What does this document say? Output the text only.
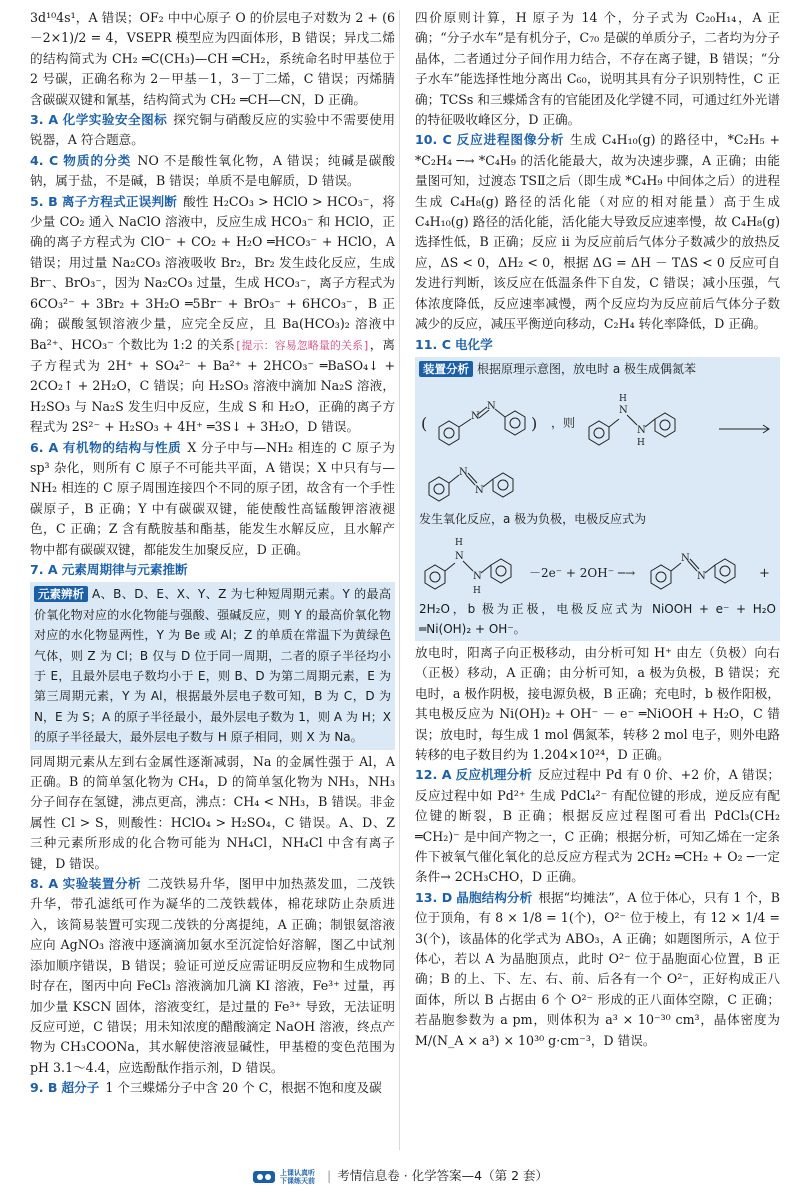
3d¹⁰4s¹，A 错误；OF₂ 中中心原子 O 的价层电子对数为 2 + (6－2×1)/2 = 4，VSEPR 模型应为四面体形，B 错误；异戊二烯的结构简式为 CH₂ ═C(CH₃)—CH ═CH₂，系统命名时甲基位于 2 号碳，正确名称为 2－甲基－1，3－丁二烯，C 错误；丙烯腈含碳碳双键和氰基，结构简式为 CH₂ ═CH—CN，D 正确。

3. A 化学实验安全图标 探究铜与硝酸反应的实验中不需要使用锐器，A 符合题意。

4. C 物质的分类 NO 不是酸性氧化物，A 错误；纯碱是碳酸钠，属于盐，不是碱，B 错误；单质不是电解质，D 错误。

5. B 离子方程式正误判断 酸性 H₂CO₃ > HClO > HCO₃⁻，将少量 CO₂ 通入 NaClO 溶液中，反应生成 HCO₃⁻ 和 HClO，正确的离子方程式为 ClO⁻ + CO₂ + H₂O ═HCO₃⁻ + HClO，A 错误；用过量 Na₂CO₃ 溶液吸收 Br₂，Br₂ 发生歧化反应，生成 Br⁻、BrO₃⁻，因为 Na₂CO₃ 过量，生成 HCO₃⁻，离子方程式为 6CO₃²⁻ + 3Br₂ + 3H₂O ═5Br⁻ + BrO₃⁻ + 6HCO₃⁻，B 正确；碳酸氢钡溶液少量，应完全反应，且 Ba(HCO₃)₂ 溶液中 Ba²⁺、HCO₃⁻ 个数比为 1:2 的关系[提示：容易忽略量的关系]，离子方程式为 2H⁺ + SO₄²⁻ + Ba²⁺ + 2HCO₃⁻ ═BaSO₄↓ + 2CO₂↑ + 2H₂O，C 错误；向 H₂SO₃ 溶液中滴加 Na₂S 溶液，H₂SO₃ 与 Na₂S 发生归中反应，生成 S 和 H₂O，正确的离子方程式为 2S²⁻ + H₂SO₃ + 4H⁺ ═3S↓ + 3H₂O，D 错误。

6. A 有机物的结构与性质 X 分子中与—NH₂ 相连的 C 原子为 sp³ 杂化，则所有 C 原子不可能共平面，A 错误；X 中只有与—NH₂ 相连的 C 原子周围连接四个不同的原子团，故含有一个手性碳原子，B 正确；Y 中有碳碳双键，能使酸性高锰酸钾溶液褪色，C 正确；Z 含有酰胺基和酯基，能发生水解反应，且水解产物中都有碳碳双键，都能发生加聚反应，D 正确。

7. A 元素周期律与元素推断

元素辨析 A、B、D、E、X、Y、Z 为七种短周期元素。Y 的最高价氧化物对应的水化物能与强酸、强碱反应，则 Y 的最高价氧化物对应的水化物显两性，Y 为 Be 或 Al；Z 的单质在常温下为黄绿色气体，则 Z 为 Cl；B 仅与 D 位于同一周期，二者的原子半径均小于 E，且最外层电子数均小于 E，则 B、D 为第二周期元素，E 为第三周期元素，Y 为 Al，根据最外层电子数可知，B 为 C，D 为 N，E 为 S；A 的原子半径最小，最外层电子数为 1，则 A 为 H；X 的原子半径最大，最外层电子数与 H 原子相同，则 X 为 Na。

同周期元素从左到右金属性逐渐减弱，Na 的金属性强于 Al，A 正确。B 的简单氢化物为 CH₄，D 的简单氢化物为 NH₃，NH₃ 分子间存在氢键，沸点更高，沸点：CH₄ < NH₃，B 错误。非金属性 Cl > S，则酸性：HClO₄ > H₂SO₄，C 错误。A、D、Z 三种元素所形成的化合物可能为 NH₄Cl，NH₄Cl 中含有离子键，D 错误。

8. A 实验装置分析 二茂铁易升华，图甲中加热蒸发皿，二茂铁升华，带孔滤纸可作为凝华的二茂铁载体，棉花球防止杂质进入，该简易装置可实现二茂铁的分离提纯，A 正确；制银氨溶液应向 AgNO₃ 溶液中逐滴滴加氨水至沉淀恰好溶解，图乙中试剂添加顺序错误，B 错误；验证可逆反应需证明反应物和生成物同时存在，图丙中向 FeCl₃ 溶液滴加几滴 KI 溶液，Fe³⁺ 过量，再加少量 KSCN 固体，溶液变红，是过量的 Fe³⁺ 导致，无法证明反应可逆，C 错误；用未知浓度的醋酸滴定 NaOH 溶液，终点产物为 CH₃COONa，其水解使溶液显碱性，甲基橙的变色范围为 pH 3.1～4.4，应选酚酞作指示剂，D 错误。

9. B 超分子 1 个三蝶烯分子中含 20 个 C，根据不饱和度及碳

四价原则计算，H 原子为 14 个，分子式为 C₂₀H₁₄，A 正确；“分子水车”是有机分子，C₇₀ 是碳的单质分子，二者均为分子晶体，二者通过分子间作用力结合，不存在离子键，B 错误；“分子水车”能选择性地分离出 C₆₀，说明其具有分子识别特性，C 正确；TCSs 和三蝶烯含有的官能团及化学键不同，可通过红外光谱的特征吸收峰区分，D 正确。

10. C 反应进程图像分析 生成 C₄H₁₀(g) 的路径中，*C₂H₅ + *C₂H₄ ─→ *C₄H₉ 的活化能最大，故为决速步骤，A 正确；由能量图可知，过渡态 TSⅡ之后（即生成 *C₄H₉ 中间体之后）的进程生成 C₄H₈(g) 路径的活化能（对应的相对能量）高于生成 C₄H₁₀(g) 路径的活化能，活化能大导致反应速率慢，故 C₄H₈(g) 选择性低，B 正确；反应 ii 为反应前后气体分子数减少的放热反应，ΔS < 0，ΔH₂ < 0，根据 ΔG = ΔH － TΔS < 0 反应可自发进行判断，该反应在低温条件下自发，C 错误；减小压强，气体浓度降低，反应速率减慢，两个反应均为反应前后气体分子数减少的反应，减压平衡逆向移动，C₂H₄ 转化率降低，D 正确。

11. C 电化学

装置分析 根据原理示意图，放电时 a 极生成偶氮苯
(	N
N
) ，则
N
H
N
H
N
N
发生氧化反应，a 极为负极，电极反应式为
N
H
N
H
－2e⁻ + 2OH⁻ ─→
N
N	+
2H₂O，b 极为正极，电极反应式为 NiOOH + e⁻ + H₂O ═Ni(OH)₂ + OH⁻。

放电时，阳离子向正极移动，由分析可知 H⁺ 由左（负极）向右（正极）移动，A 正确；由分析可知，a 极为负极，B 错误；充电时，a 极作阴极，接电源负极，B 正确；充电时，b 极作阳极，其电极反应为 Ni(OH)₂ + OH⁻ － e⁻ ═NiOOH + H₂O，C 错误；放电时，每生成 1 mol 偶氮苯，转移 2 mol 电子，则外电路转移的电子数目约为 1.204×10²⁴，D 正确。

12. A 反应机理分析 反应过程中 Pd 有 0 价、+2 价，A 错误；反应过程中如 Pd²⁺ 生成 PdCl₄²⁻ 有配位键的形成，逆反应有配位键的断裂，B 正确；根据反应过程图可看出 PdCl₃(CH₂ ═CH₂)⁻ 是中间产物之一，C 正确；根据分析，可知乙烯在一定条件下被氧气催化氧化的总反应方程式为 2CH₂ ═CH₂ + O₂ ─一定条件→ 2CH₃CHO，D 正确。

13. D 晶胞结构分析 根据“均摊法”，A 位于体心，只有 1 个，B 位于顶角，有 8 × 1/8 = 1(个)，O²⁻ 位于棱上，有 12 × 1/4 = 3(个)，该晶体的化学式为 ABO₃，A 正确；如题图所示，A 位于体心，若以 A 为晶胞顶点，此时 O²⁻ 位于晶胞面心位置，B 正确；B 的上、下、左、右、前、后各有一个 O²⁻，正好构成正八面体，所以 B 占据由 6 个 O²⁻ 形成的正八面体空隙，C 正确；若晶胞参数为 a pm，则体积为 a³ × 10⁻³⁰ cm³，晶体密度为 M/(N_A × a³) × 10³⁰ g·cm⁻³，D 错误。

上课认真听
下课练天前 | 考情信息卷 · 化学答案—4（第 2 套）
